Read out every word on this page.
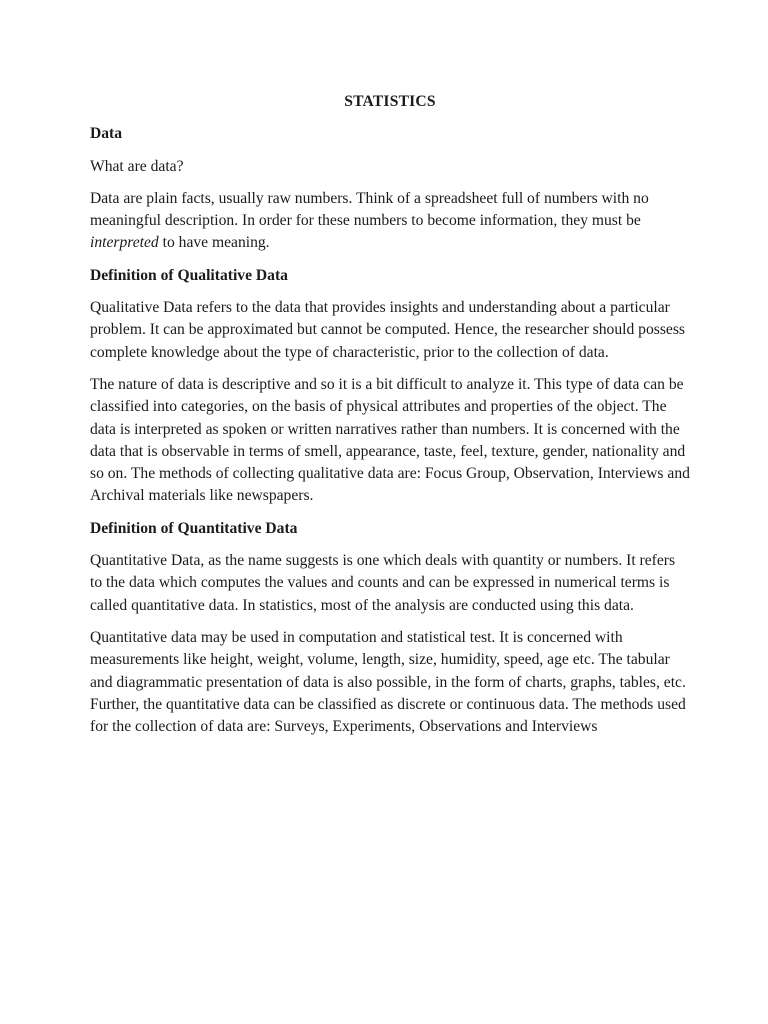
STATISTICS
Data

What are data?

Data are plain facts, usually raw numbers. Think of a spreadsheet full of numbers with no meaningful description. In order for these numbers to become information, they must be interpreted to have meaning.

Definition of Qualitative Data

Qualitative Data refers to the data that provides insights and understanding about a particular problem. It can be approximated but cannot be computed. Hence, the researcher should possess complete knowledge about the type of characteristic, prior to the collection of data.

The nature of data is descriptive and so it is a bit difficult to analyze it. This type of data can be classified into categories, on the basis of physical attributes and properties of the object. The data is interpreted as spoken or written narratives rather than numbers. It is concerned with the data that is observable in terms of smell, appearance, taste, feel, texture, gender, nationality and so on. The methods of collecting qualitative data are: Focus Group, Observation, Interviews and Archival materials like newspapers.

Definition of Quantitative Data

Quantitative Data, as the name suggests is one which deals with quantity or numbers. It refers to the data which computes the values and counts and can be expressed in numerical terms is called quantitative data. In statistics, most of the analysis are conducted using this data.

Quantitative data may be used in computation and statistical test. It is concerned with measurements like height, weight, volume, length, size, humidity, speed, age etc. The tabular and diagrammatic presentation of data is also possible, in the form of charts, graphs, tables, etc. Further, the quantitative data can be classified as discrete or continuous data. The methods used for the collection of data are: Surveys, Experiments, Observations and Interviews
